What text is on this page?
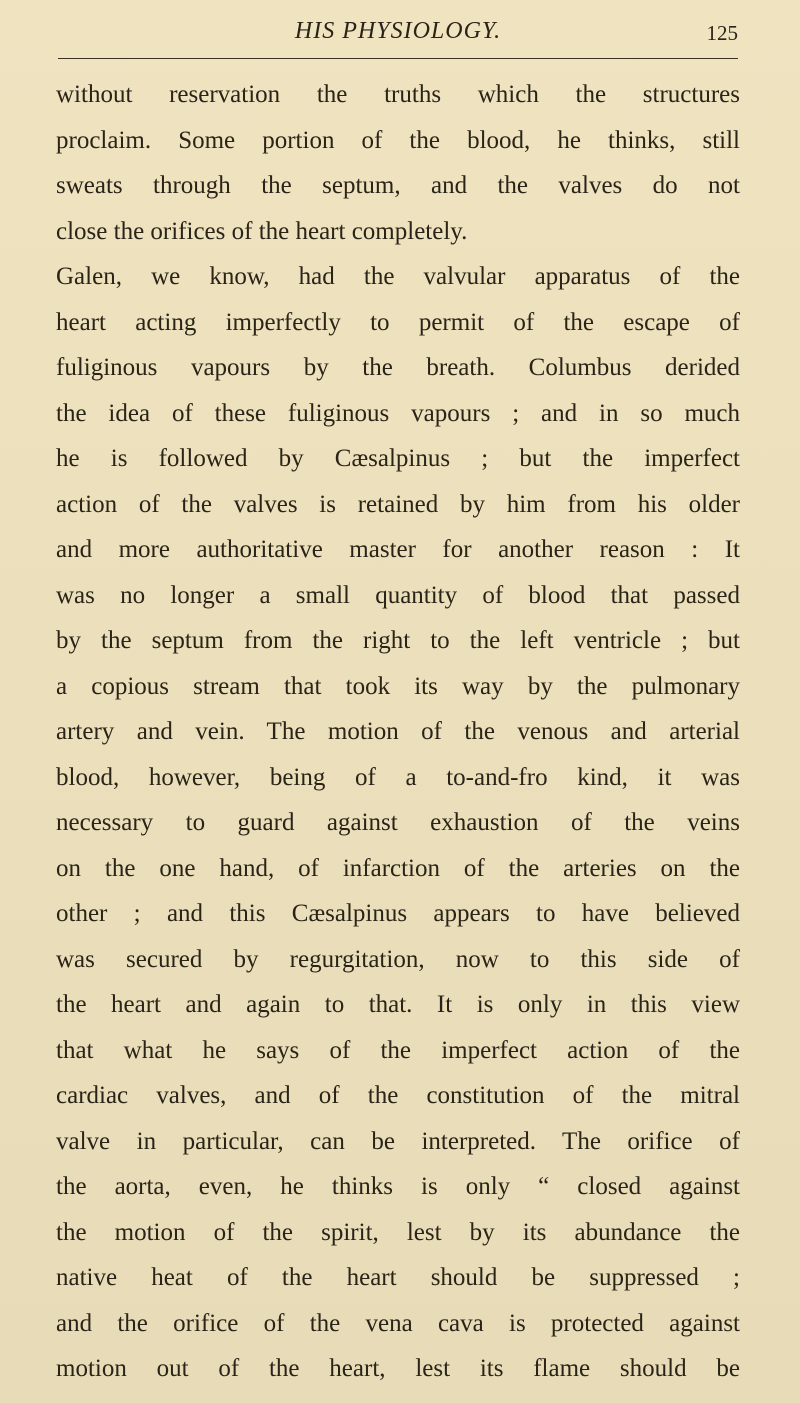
HIS PHYSIOLOGY.	125
without reservation the truths which the structures
proclaim. Some portion of the blood, he thinks, still
sweats through the septum, and the valves do not
close the orifices of the heart completely.
Galen, we know, had the valvular apparatus of the
heart acting imperfectly to permit of the escape of
fuliginous vapours by the breath. Columbus derided
the idea of these fuliginous vapours ; and in so much
he is followed by Cæsalpinus ; but the imperfect
action of the valves is retained by him from his older
and more authoritative master for another reason : It
was no longer a small quantity of blood that passed
by the septum from the right to the left ventricle ; but
a copious stream that took its way by the pulmonary
artery and vein. The motion of the venous and arterial
blood, however, being of a to-and-fro kind, it was
necessary to guard against exhaustion of the veins
on the one hand, of infarction of the arteries on the
other ; and this Cæsalpinus appears to have believed
was secured by regurgitation, now to this side of
the heart and again to that. It is only in this view
that what he says of the imperfect action of the
cardiac valves, and of the constitution of the mitral
valve in particular, can be interpreted. The orifice of
the aorta, even, he thinks is only “ closed against
the motion of the spirit, lest by its abundance the
native heat of the heart should be suppressed ;
and the orifice of the vena cava is protected against
motion out of the heart, lest its flame should be
